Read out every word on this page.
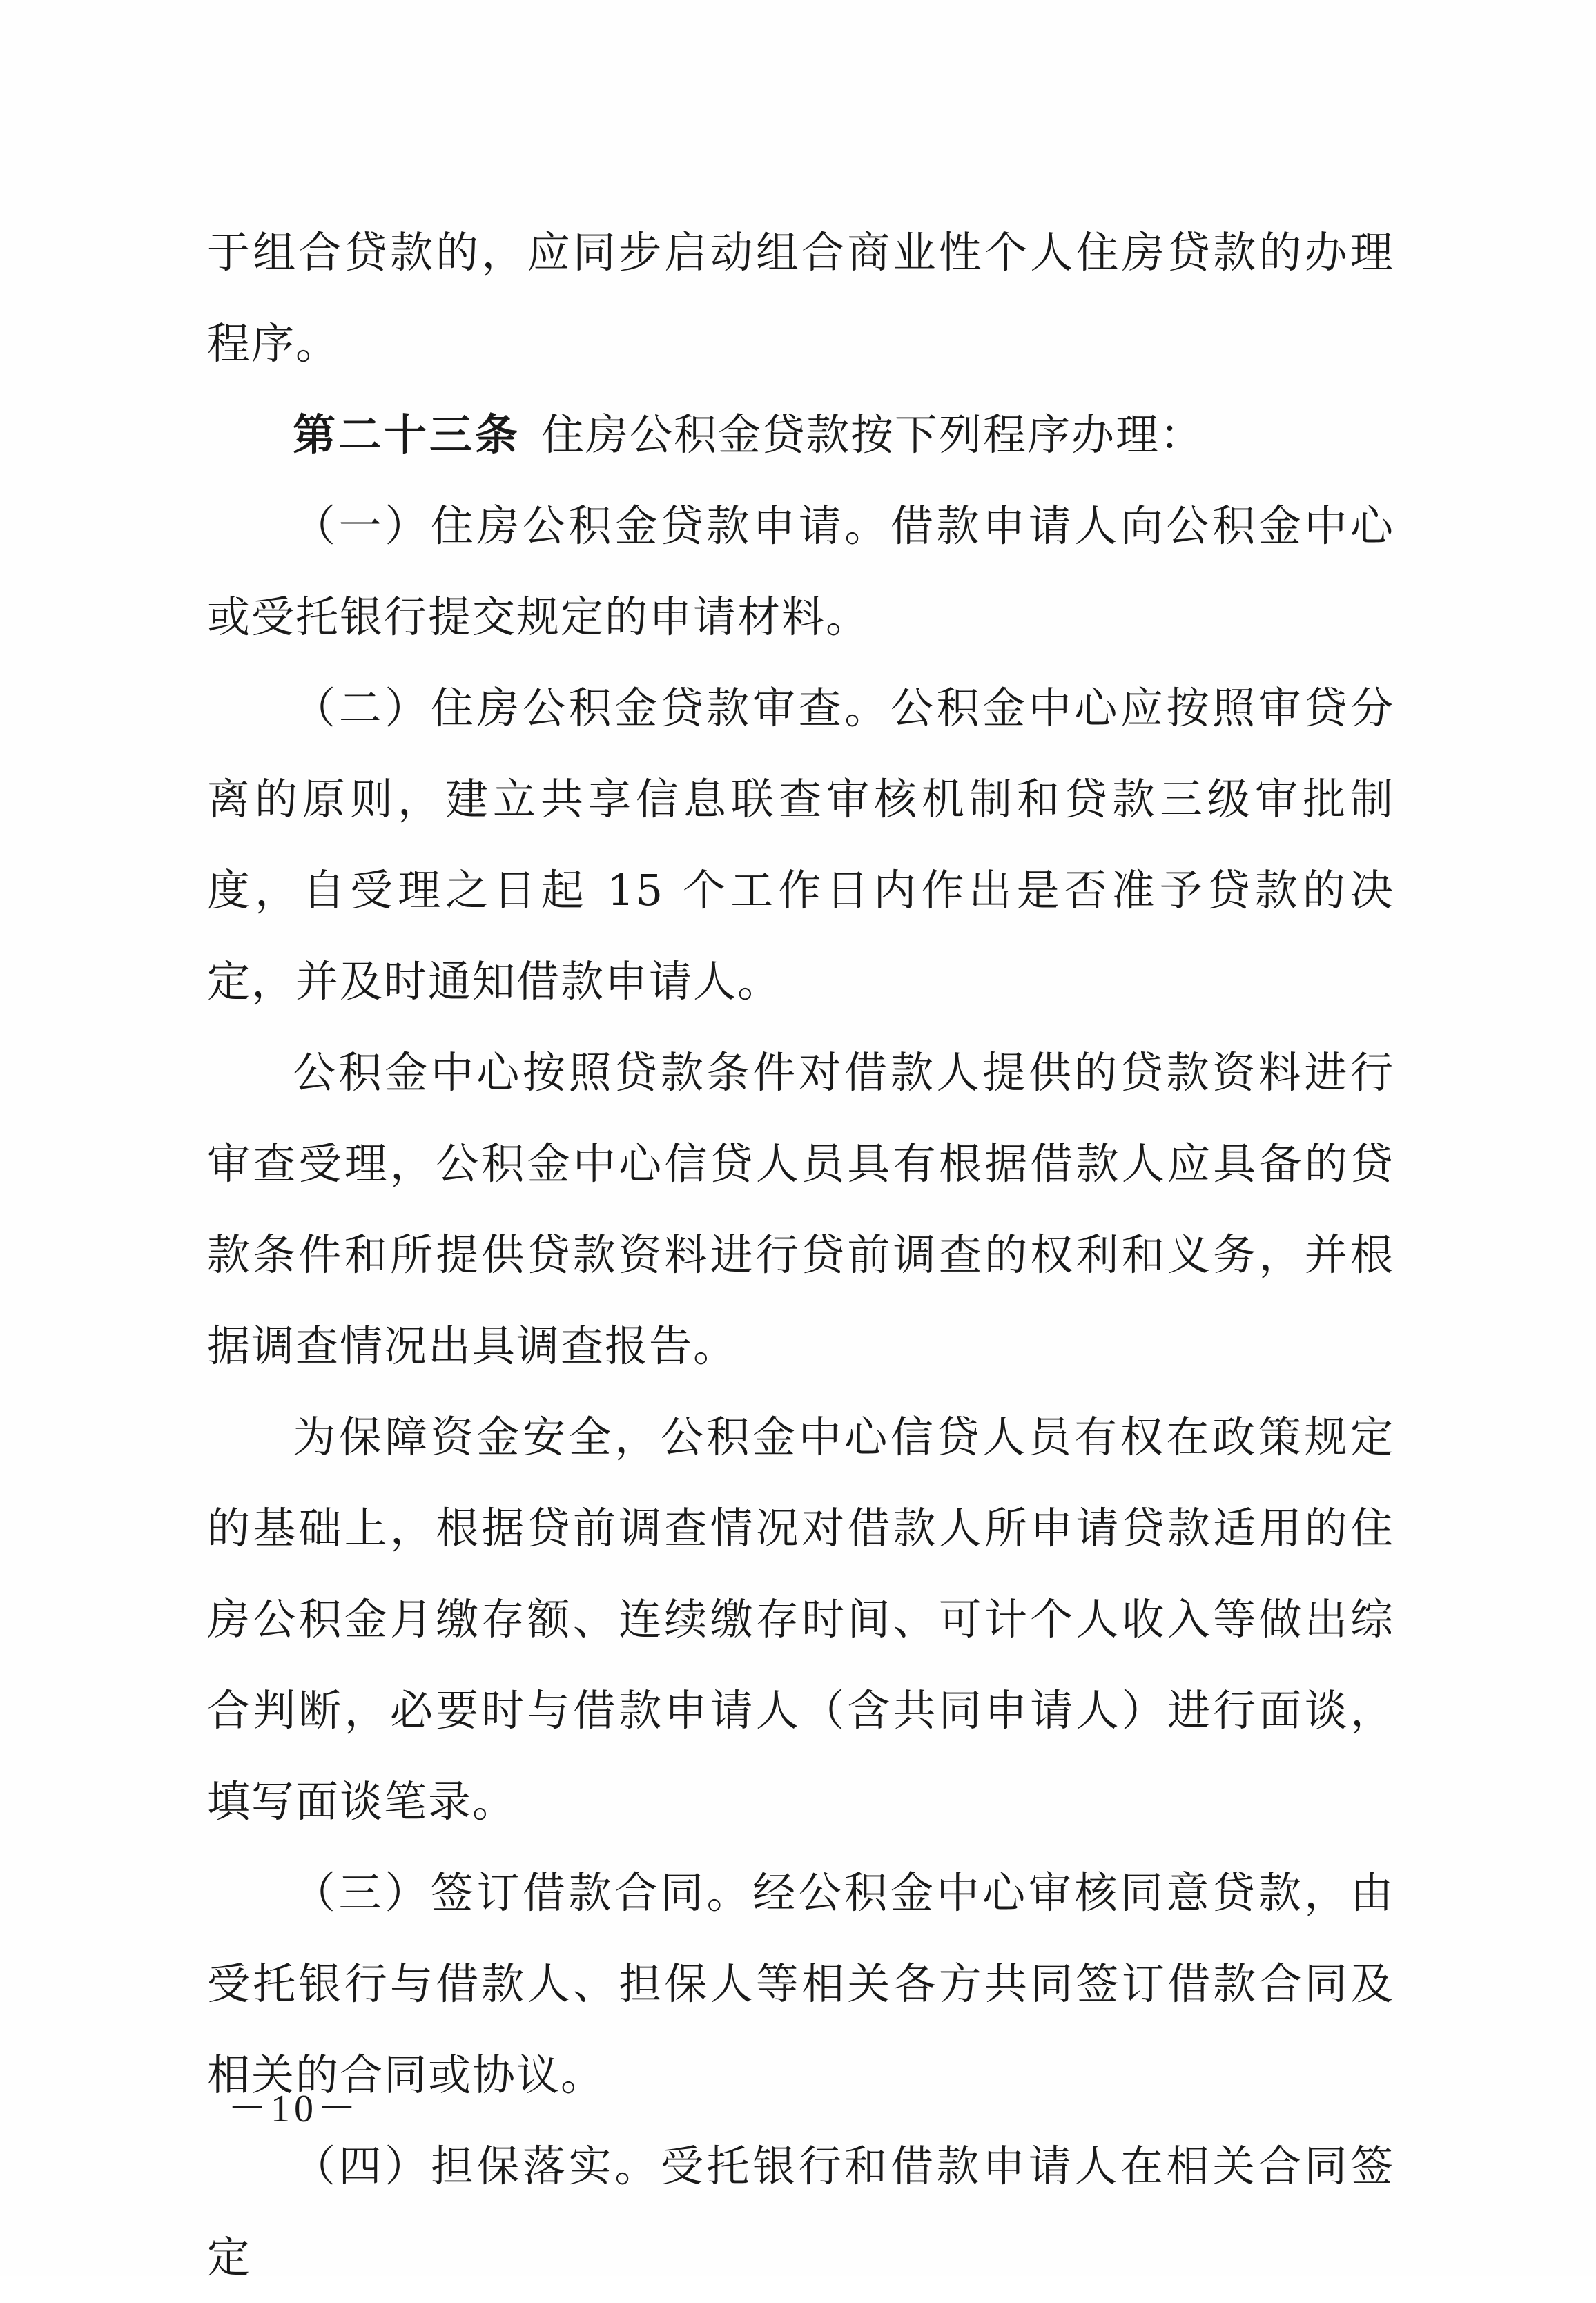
于组合贷款的，应同步启动组合商业性个人住房贷款的办理程序。

第二十三条 住房公积金贷款按下列程序办理：

（一）住房公积金贷款申请。借款申请人向公积金中心或受托银行提交规定的申请材料。

（二）住房公积金贷款审查。公积金中心应按照审贷分离的原则，建立共享信息联查审核机制和贷款三级审批制度，自受理之日起 15 个工作日内作出是否准予贷款的决定，并及时通知借款申请人。

公积金中心按照贷款条件对借款人提供的贷款资料进行审查受理，公积金中心信贷人员具有根据借款人应具备的贷款条件和所提供贷款资料进行贷前调查的权利和义务，并根据调查情况出具调查报告。

为保障资金安全，公积金中心信贷人员有权在政策规定的基础上，根据贷前调查情况对借款人所申请贷款适用的住房公积金月缴存额、连续缴存时间、可计个人收入等做出综合判断，必要时与借款申请人（含共同申请人）进行面谈，填写面谈笔录。

（三）签订借款合同。经公积金中心审核同意贷款，由受托银行与借款人、担保人等相关各方共同签订借款合同及相关的合同或协议。

（四）担保落实。受托银行和借款申请人在相关合同签定

－10－
